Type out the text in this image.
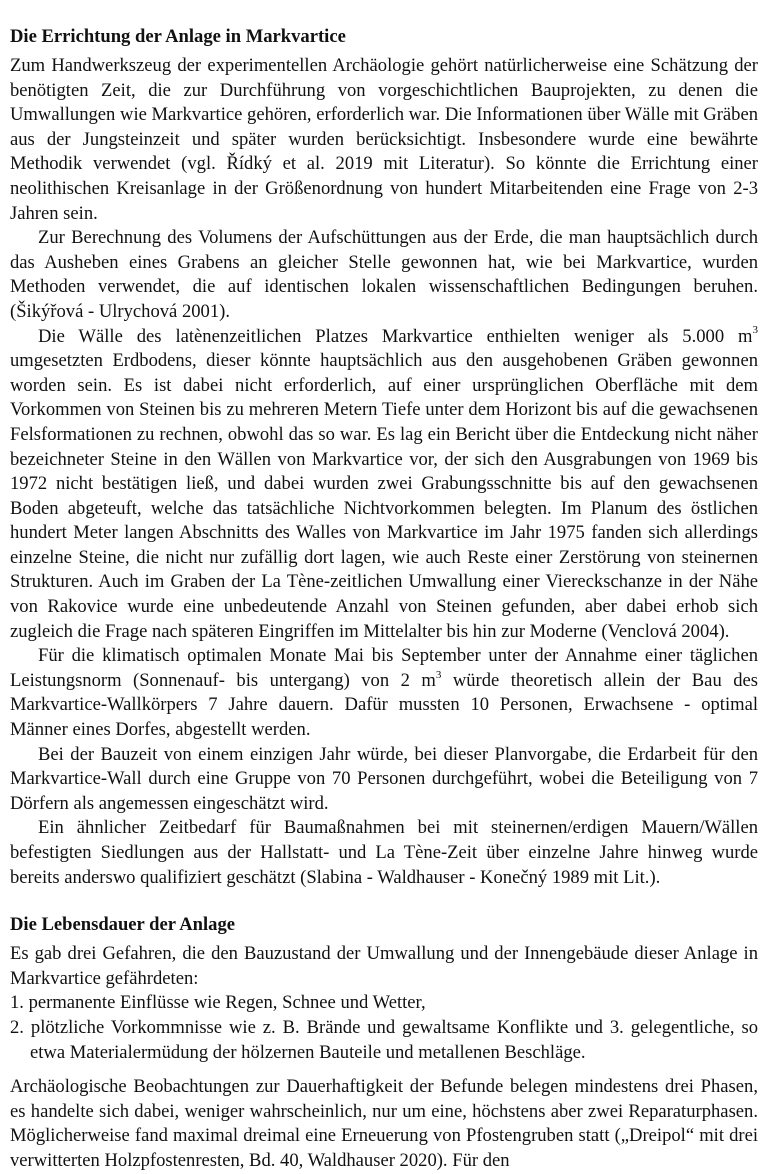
Die Errichtung der Anlage in Markvartice

Zum Handwerkszeug der experimentellen Archäologie gehört natürlicherweise eine Schätzung der benötigten Zeit, die zur Durchführung von vorgeschichtlichen Bauprojekten, zu denen die Umwallungen wie Markvartice gehören, erforderlich war. Die Informationen über Wälle mit Gräben aus der Jungsteinzeit und später wurden berücksichtigt. Insbesondere wurde eine bewährte Methodik verwendet (vgl. Řídký et al. 2019 mit Literatur). So könnte die Errichtung einer neolithischen Kreisanlage in der Größenordnung von hundert Mitarbeitenden eine Frage von 2-3 Jahren sein.

Zur Berechnung des Volumens der Aufschüttungen aus der Erde, die man hauptsächlich durch das Ausheben eines Grabens an gleicher Stelle gewonnen hat, wie bei Markvartice, wurden Methoden verwendet, die auf identischen lokalen wissenschaftlichen Bedingungen beruhen. (Šikýřová - Ulrychová 2001).

Die Wälle des latènenzeitlichen Platzes Markvartice enthielten weniger als 5.000 $m^3$ umgesetzten Erdbodens, dieser könnte hauptsächlich aus den ausgehobenen Gräben gewonnen worden sein. Es ist dabei nicht erforderlich, auf einer ursprünglichen Oberfläche mit dem Vorkommen von Steinen bis zu mehreren Metern Tiefe unter dem Horizont bis auf die gewachsenen Felsformationen zu rechnen, obwohl das so war. Es lag ein Bericht über die Entdeckung nicht näher bezeichneter Steine in den Wällen von Markvartice vor, der sich den Ausgrabungen von 1969 bis 1972 nicht bestätigen ließ, und dabei wurden zwei Grabungsschnitte bis auf den gewachsenen Boden abgeteuft, welche das tatsächliche Nichtvorkommen belegten. Im Planum des östlichen hundert Meter langen Abschnitts des Walles von Markvartice im Jahr 1975 fanden sich allerdings einzelne Steine, die nicht nur zufällig dort lagen, wie auch Reste einer Zerstörung von steinernen Strukturen. Auch im Graben der La Tène-zeitlichen Umwallung einer Viereckschanze in der Nähe von Rakovice wurde eine unbedeutende Anzahl von Steinen gefunden, aber dabei erhob sich zugleich die Frage nach späteren Eingriffen im Mittelalter bis hin zur Moderne (Venclová 2004).

Für die klimatisch optimalen Monate Mai bis September unter der Annahme einer täglichen Leistungsnorm (Sonnenauf- bis untergang) von 2 $m^3$ würde theoretisch allein der Bau des Markvartice-Wallkörpers 7 Jahre dauern. Dafür mussten 10 Personen, Erwachsene - optimal Männer eines Dorfes, abgestellt werden.

Bei der Bauzeit von einem einzigen Jahr würde, bei dieser Planvorgabe, die Erdarbeit für den Markvartice-Wall durch eine Gruppe von 70 Personen durchgeführt, wobei die Beteiligung von 7 Dörfern als angemessen eingeschätzt wird.

Ein ähnlicher Zeitbedarf für Baumaßnahmen bei mit steinernen/erdigen Mauern/Wällen befestigten Siedlungen aus der Hallstatt- und La Tène-Zeit über einzelne Jahre hinweg wurde bereits anderswo qualifiziert geschätzt (Slabina - Waldhauser - Konečný 1989 mit Lit.).

Die Lebensdauer der Anlage

Es gab drei Gefahren, die den Bauzustand der Umwallung und der Innengebäude dieser Anlage in Markvartice gefährdeten:

1. permanente Einflüsse wie Regen, Schnee und Wetter,
2. plötzliche Vorkommnisse wie z. B. Brände und gewaltsame Konflikte und 3. gelegentliche, so etwa Materialermüdung der hölzernen Bauteile und metallenen Beschläge.

Archäologische Beobachtungen zur Dauerhaftigkeit der Befunde belegen mindestens drei Phasen, es handelte sich dabei, weniger wahrscheinlich, nur um eine, höchstens aber zwei Reparaturphasen. Möglicherweise fand maximal dreimal eine Erneuerung von Pfostengruben statt („Dreipol“ mit drei verwitterten Holzpfostenresten, Bd. 40, Waldhauser 2020). Für den
